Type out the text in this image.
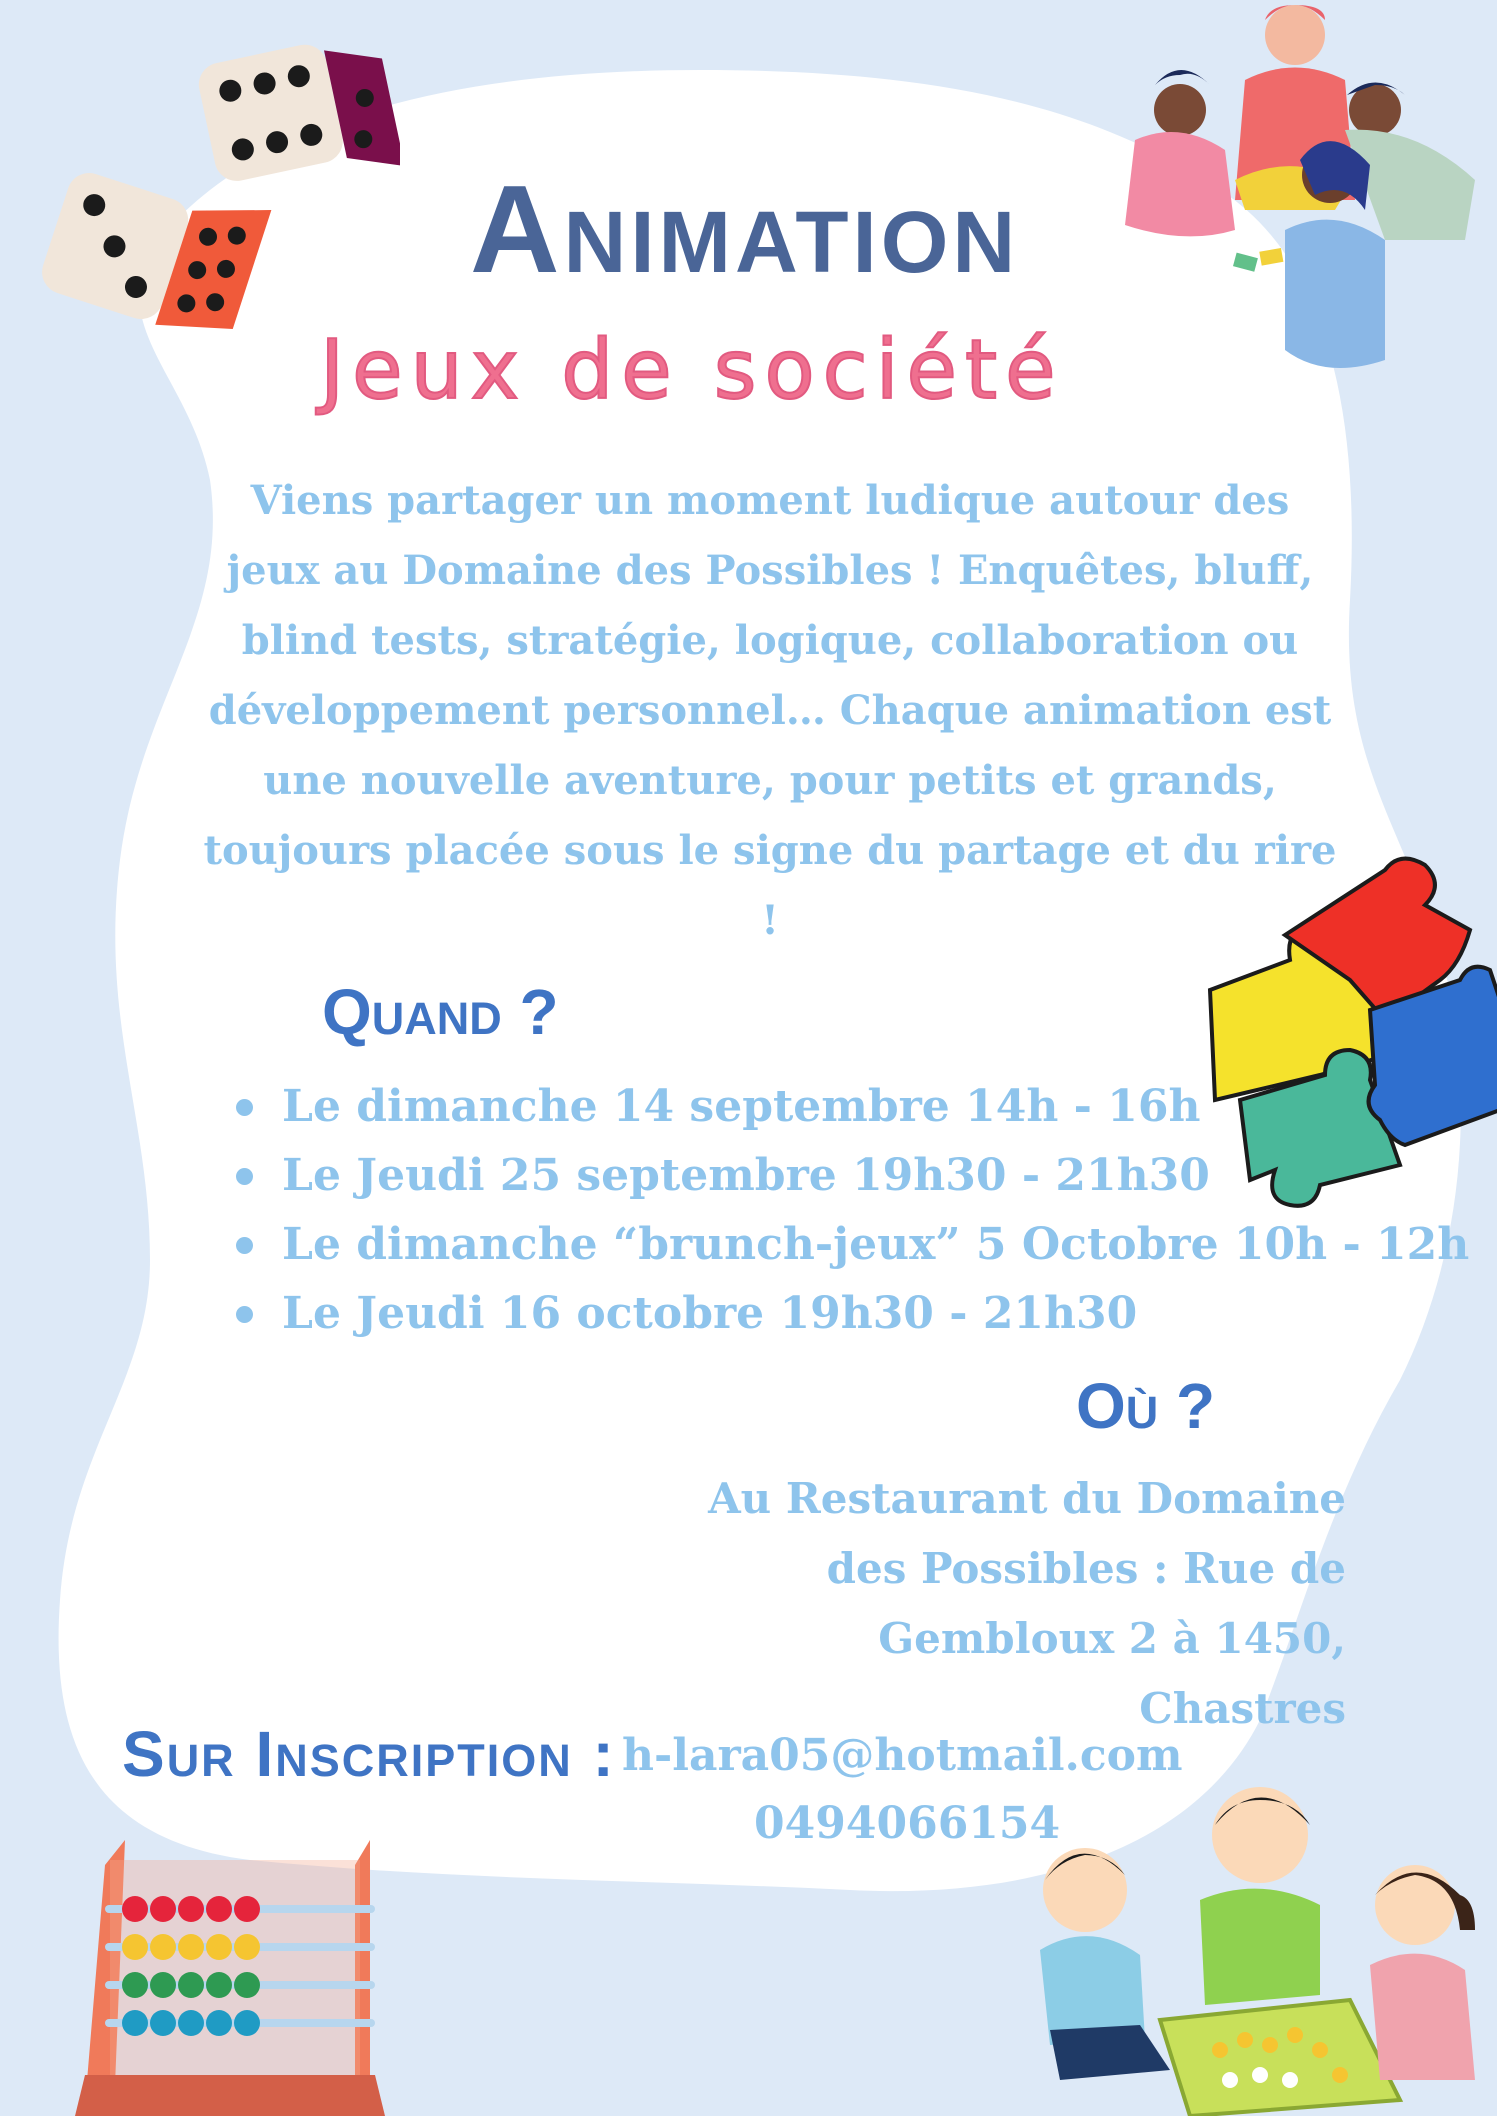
Animation
Jeux de société

Viens partager un moment ludique autour des jeux au Domaine des Possibles ! Enquêtes, bluff, blind tests, stratégie, logique, collaboration ou développement personnel… Chaque animation est une nouvelle aventure, pour petits et grands, toujours placée sous le signe du partage et du rire !

Quand ?
Le dimanche 14 septembre 14h - 16h
Le Jeudi 25 septembre 19h30 - 21h30
Le dimanche “brunch-jeux” 5 Octobre 10h - 12h
Le Jeudi 16 octobre 19h30 - 21h30
Où ?
Au Restaurant du Domaine
des Possibles : Rue de
Gembloux 2 à 1450, Chastres
Sur Inscription : h-lara05@hotmail.com
0494066154
